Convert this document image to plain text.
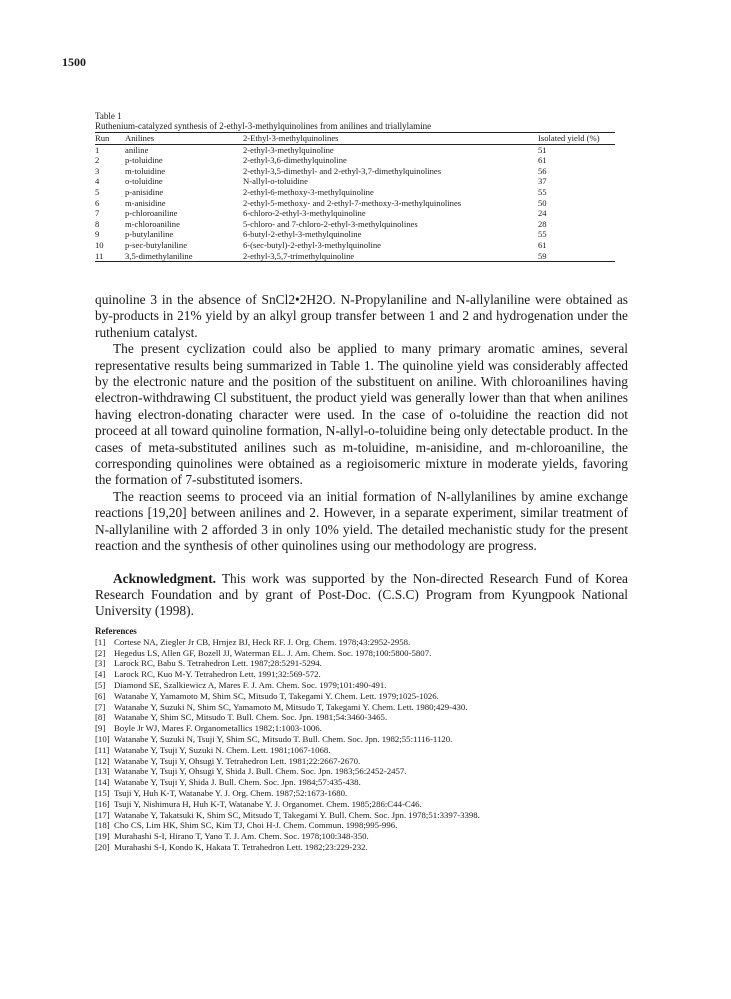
1500
Table 1
Ruthenium-catalyzed synthesis of 2-ethyl-3-methylquinolines from anilines and triallylamine
Run	Anilines	2-Ethyl-3-methylquinolines	Isolated yield (%)
1	aniline	2-ethyl-3-methylquinoline	51
2	p-toluidine	2-ethyl-3,6-dimethylquinoline	61
3	m-toluidine	2-ethyl-3,5-dimethyl- and 2-ethyl-3,7-dimethylquinolines	56
4	o-toluidine	N-allyl-o-toluidine	37
5	p-anisidine	2-ethyl-6-methoxy-3-methylquinoline	55
6	m-anisidine	2-ethyl-5-methoxy- and 2-ethyl-7-methoxy-3-methylquinolines	50
7	p-chloroaniline	6-chloro-2-ethyl-3-methylquinoline	24
8	m-chloroaniline	5-chloro- and 7-chloro-2-ethyl-3-methylquinolines	28
9	p-butylaniline	6-butyl-2-ethyl-3-methylquinoline	55
10	p-sec-butylaniline	6-(sec-butyl)-2-ethyl-3-methylquinoline	61
11	3,5-dimethylaniline	2-ethyl-3,5,7-trimethylquinoline	59

quinoline 3 in the absence of SnCl2•2H2O. N-Propylaniline and N-allylaniline were obtained as by-products in 21% yield by an alkyl group transfer between 1 and 2 and hydrogenation under the ruthenium catalyst.

The present cyclization could also be applied to many primary aromatic amines, several representative results being summarized in Table 1. The quinoline yield was considerably affected by the electronic nature and the position of the substituent on aniline. With chloroanilines having electron-withdrawing Cl substituent, the product yield was generally lower than that when anilines having electron-donating character were used. In the case of o-toluidine the reaction did not proceed at all toward quinoline formation, N-allyl-o-toluidine being only detectable product. In the cases of meta-substituted anilines such as m-toluidine, m-anisidine, and m-chloroaniline, the corresponding quinolines were obtained as a regioisomeric mixture in moderate yields, favoring the formation of 7-substituted isomers.

The reaction seems to proceed via an initial formation of N-allylanilines by amine exchange reactions [19,20] between anilines and 2. However, in a separate experiment, similar treatment of N-allylaniline with 2 afforded 3 in only 10% yield. The detailed mechanistic study for the present reaction and the synthesis of other quinolines using our methodology are progress.

Acknowledgment. This work was supported by the Non-directed Research Fund of Korea Research Foundation and by grant of Post-Doc. (C.S.C) Program from Kyungpook National University (1998).

References
[1] Cortese NA, Ziegler Jr CB, Hrnjez BJ, Heck RF. J. Org. Chem. 1978;43:2952-2958.
[2] Hegedus LS, Allen GF, Bozell JJ, Waterman EL. J. Am. Chem. Soc. 1978;100:5800-5807.
[3] Larock RC, Babu S. Tetrahedron Lett. 1987;28:5291-5294.
[4] Larock RC, Kuo M-Y. Tetrahedron Lett. 1991;32:569-572.
[5] Diamond SE, Szalkiewicz A, Mares F. J. Am. Chem. Soc. 1979;101:490-491.
[6] Watanabe Y, Yamamoto M, Shim SC, Mitsudo T, Takegami Y. Chem. Lett. 1979;1025-1026.
[7] Watanabe Y, Suzuki N, Shim SC, Yamamoto M, Mitsudo T, Takegami Y. Chem. Lett. 1980;429-430.
[8] Watanabe Y, Shim SC, Mitsudo T. Bull. Chem. Soc. Jpn. 1981;54:3460-3465.
[9] Boyle Jr WJ, Mares F. Organometallics 1982;1:1003-1006.
[10] Watanabe Y, Suzuki N, Tsuji Y, Shim SC, Mitsudo T. Bull. Chem. Soc. Jpn. 1982;55:1116-1120.
[11] Watanabe Y, Tsuji Y, Suzuki N. Chem. Lett. 1981;1067-1068.
[12] Watanabe Y, Tsuji Y, Ohsugi Y. Tetrahedron Lett. 1981;22:2667-2670.
[13] Watanabe Y, Tsuji Y, Ohsugi Y, Shida J. Bull. Chem. Soc. Jpn. 1983;56:2452-2457.
[14] Watanabe Y, Tsuji Y, Shida J. Bull. Chem. Soc. Jpn. 1984;57:435-438.
[15] Tsuji Y, Huh K-T, Watanabe Y. J. Org. Chem. 1987;52:1673-1680.
[16] Tsuji Y, Nishimura H, Huh K-T, Watanabe Y. J. Organomet. Chem. 1985;286:C44-C46.
[17] Watanabe Y, Takatsuki K, Shim SC, Mitsudo T, Takegami Y. Bull. Chem. Soc. Jpn. 1978;51:3397-3398.
[18] Cho CS, Lim HK, Shim SC, Kim TJ, Choi H-J. Chem. Commun. 1998;995-996.
[19] Murahashi S-I, Hirano T, Yano T. J. Am. Chem. Soc. 1978;100:348-350.
[20] Murahashi S-I, Kondo K, Hakata T. Tetrahedron Lett. 1982;23:229-232.
